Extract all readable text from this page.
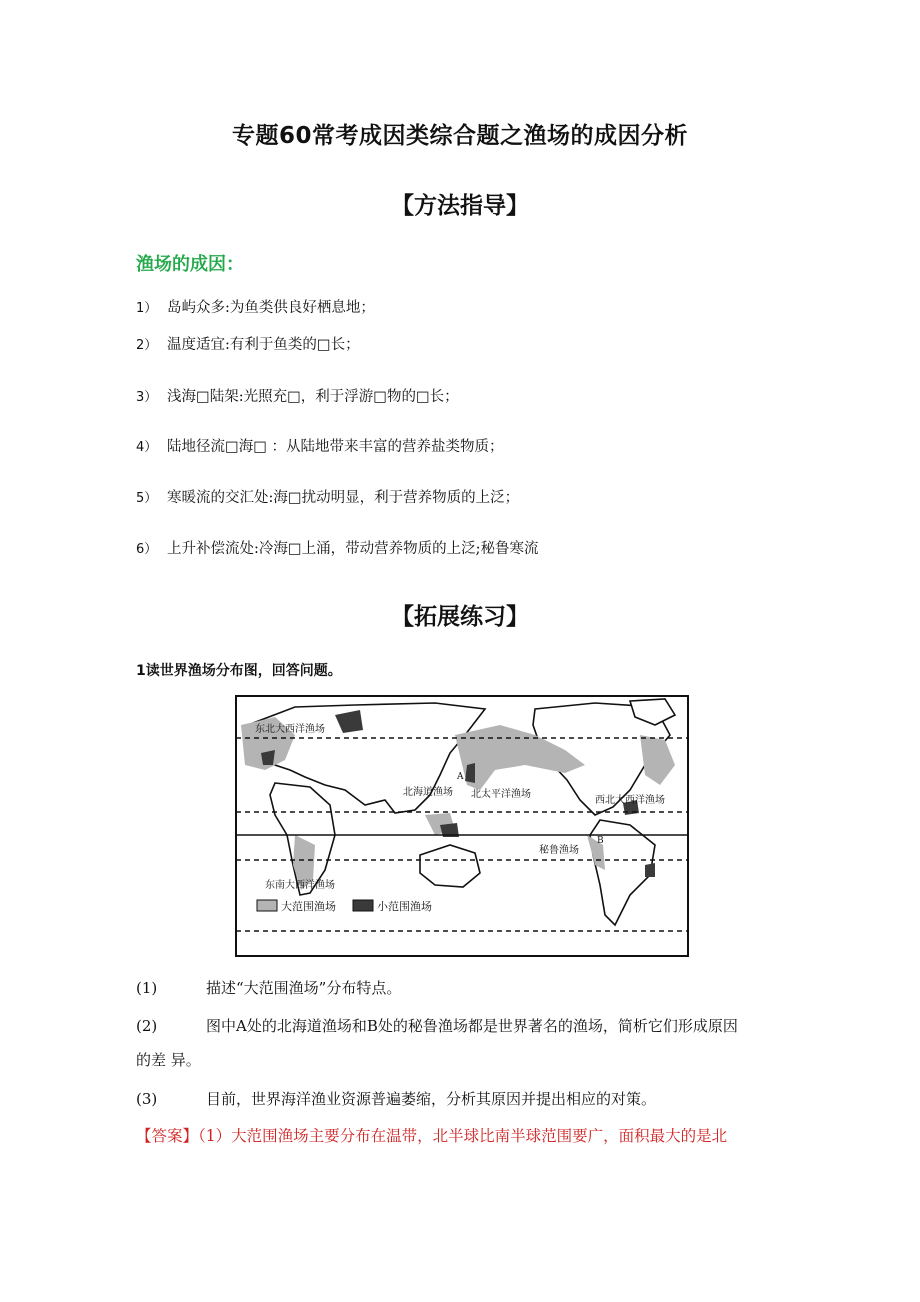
专题60常考成因类综合题之渔场的成因分析
【方法指导】
渔场的成因：
1） 岛屿众多:为鱼类供良好栖息地；
2） 温度适宜:有利于鱼类的□长；
3） 浅海□陆架:光照充□，利于浮游□物的□长；
4） 陆地径流□海□ ：从陆地带来丰富的营养盐类物质；
5） 寒暖流的交汇处:海□扰动明显，利于营养物质的上泛；
6） 上升补偿流处:冷海□上涌，带动营养物质的上泛;秘鲁寒流
【拓展练习】
1读世界渔场分布图，回答问题。
东北大西洋渔场
北海道渔场 北太平洋渔场
西北大西洋渔场
秘鲁渔场
东南大西洋渔场
A
B
大范围渔场	小范围渔场
(1)	描述“大范围渔场”分布特点。
(2)	图中A处的北海道渔场和B处的秘鲁渔场都是世界著名的渔场，简析它们形成原因
的差 异。
(3)	目前，世界海洋渔业资源普遍萎缩，分析其原因并提出相应的对策。
【答案】（1）大范围渔场主要分布在温带，北半球比南半球范围要广，面积最大的是北
